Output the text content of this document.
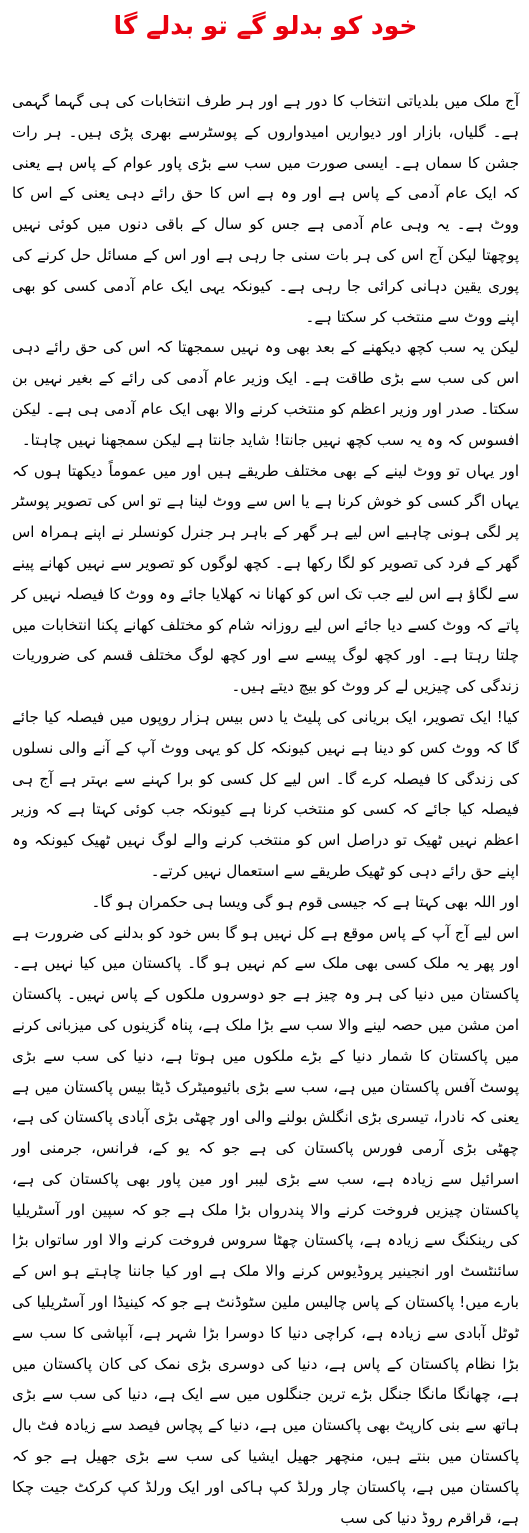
خود کو بدلو گے تو بدلے گا

آج ملک میں بلدیاتی انتخاب کا دور ہے اور ہر طرف انتخابات کی ہی گہما گہمی ہے۔ گلیاں، بازار اور دیواریں امیدواروں کے پوسٹرسے بھری پڑی ہیں۔ ہر رات جشن کا سماں ہے۔ ایسی صورت میں سب سے بڑی پاور عوام کے پاس ہے یعنی کہ ایک عام آدمی کے پاس ہے اور وہ ہے اس کا حق رائے دہی یعنی کے اس کا ووٹ ہے۔ یہ وہی عام آدمی ہے جس کو سال کے باقی دنوں میں کوئی نہیں پوچھتا لیکن آج اس کی ہر بات سنی جا رہی ہے اور اس کے مسائل حل کرنے کی پوری یقین دہانی کرائی جا رہی ہے۔ کیونکہ یہی ایک عام آدمی کسی کو بھی اپنے ووٹ سے منتخب کر سکتا ہے۔

لیکن یہ سب کچھ دیکھنے کے بعد بھی وہ نہیں سمجھتا کہ اس کی حق رائے دہی اس کی سب سے بڑی طاقت ہے۔ ایک وزیر عام آدمی کی رائے کے بغیر نہیں بن سکتا۔ صدر اور وزیر اعظم کو منتخب کرنے والا بھی ایک عام آدمی ہی ہے۔ لیکن افسوس کہ وہ یہ سب کچھ نہیں جانتا! شاید جانتا ہے لیکن سمجھنا نہیں چاہتا۔

اور یہاں تو ووٹ لینے کے بھی مختلف طریقے ہیں اور میں عموماً دیکھتا ہوں کہ یہاں اگر کسی کو خوش کرنا ہے یا اس سے ووٹ لینا ہے تو اس کی تصویر پوسٹر پر لگی ہونی چاہیے اس لیے ہر گھر کے باہر ہر جنرل کونسلر نے اپنے ہمراہ اس گھر کے فرد کی تصویر کو لگا رکھا ہے۔ کچھ لوگوں کو تصویر سے نہیں کھانے پینے سے لگاؤ ہے اس لیے جب تک اس کو کھانا نہ کھلایا جائے وہ ووٹ کا فیصلہ نہیں کر پاتے کہ ووٹ کسے دیا جائے اس لیے روزانہ شام کو مختلف کھانے پکنا انتخابات میں چلتا رہتا ہے۔ اور کچھ لوگ پیسے سے اور کچھ لوگ مختلف قسم کی ضروریات زندگی کی چیزیں لے کر ووٹ کو بیچ دیتے ہیں۔

کیا! ایک تصویر، ایک بریانی کی پلیٹ یا دس بیس ہزار روپوں میں فیصلہ کیا جائے گا کہ ووٹ کس کو دینا ہے نہیں کیونکہ کل کو یہی ووٹ آپ کے آنے والی نسلوں کی زندگی کا فیصلہ کرے گا۔ اس لیے کل کسی کو برا کہنے سے بہتر ہے آج ہی فیصلہ کیا جائے کہ کسی کو منتخب کرنا ہے کیونکہ جب کوئی کہتا ہے کہ وزیر اعظم نہیں ٹھیک تو دراصل اس کو منتخب کرنے والے لوگ نہیں ٹھیک کیونکہ وہ اپنے حق رائے دہی کو ٹھیک طریقے سے استعمال نہیں کرتے۔

اور اللہ بھی کہتا ہے کہ جیسی قوم ہو گی ویسا ہی حکمران ہو گا۔

اس لیے آج آپ کے پاس موقع ہے کل نہیں ہو گا بس خود کو بدلنے کی ضرورت ہے اور پھر یہ ملک کسی بھی ملک سے کم نہیں ہو گا۔ پاکستان میں کیا نہیں ہے۔ پاکستان میں دنیا کی ہر وہ چیز ہے جو دوسروں ملکوں کے پاس نہیں۔ پاکستان امن مشن میں حصہ لینے والا سب سے بڑا ملک ہے، پناہ گزینوں کی میزبانی کرنے میں پاکستان کا شمار دنیا کے بڑے ملکوں میں ہوتا ہے، دنیا کی سب سے بڑی پوسٹ آفس پاکستان میں ہے، سب سے بڑی بائیومیٹرک ڈیٹا بیس پاکستان میں ہے یعنی کہ نادرا، تیسری بڑی انگلش بولنے والی اور چھٹی بڑی آبادی پاکستان کی ہے، چھٹی بڑی آرمی فورس پاکستان کی ہے جو کہ یو کے، فرانس، جرمنی اور اسرائیل سے زیادہ ہے، سب سے بڑی لیبر اور مین پاور بھی پاکستان کی ہے، پاکستان چیزیں فروخت کرنے والا پندرواں بڑا ملک ہے جو کہ سپین اور آسٹریلیا کی رینکنگ سے زیادہ ہے، پاکستان چھٹا سروس فروخت کرنے والا اور ساتواں بڑا سائنٹسٹ اور انجینیر پروڈیوس کرنے والا ملک ہے اور کیا جاننا چاہتے ہو اس کے بارے میں! پاکستان کے پاس چالیس ملین سٹوڈنٹ ہے جو کہ کینیڈا اور آسٹریلیا کی ٹوٹل آبادی سے زیادہ ہے، کراچی دنیا کا دوسرا بڑا شہر ہے، آبپاشی کا سب سے بڑا نظام پاکستان کے پاس ہے، دنیا کی دوسری بڑی نمک کی کان پاکستان میں ہے، چھانگا مانگا جنگل بڑے ترین جنگلوں میں سے ایک ہے، دنیا کی سب سے بڑی ہاتھ سے بنی کارپٹ بھی پاکستان میں ہے، دنیا کے پچاس فیصد سے زیادہ فٹ بال پاکستان میں بنتے ہیں، منچھر جھیل ایشیا کی سب سے بڑی جھیل ہے جو کہ پاکستان میں ہے، پاکستان چار ورلڈ کپ ہاکی اور ایک ورلڈ کپ کرکٹ جیت چکا ہے، قراقرم روڈ دنیا کی سب
